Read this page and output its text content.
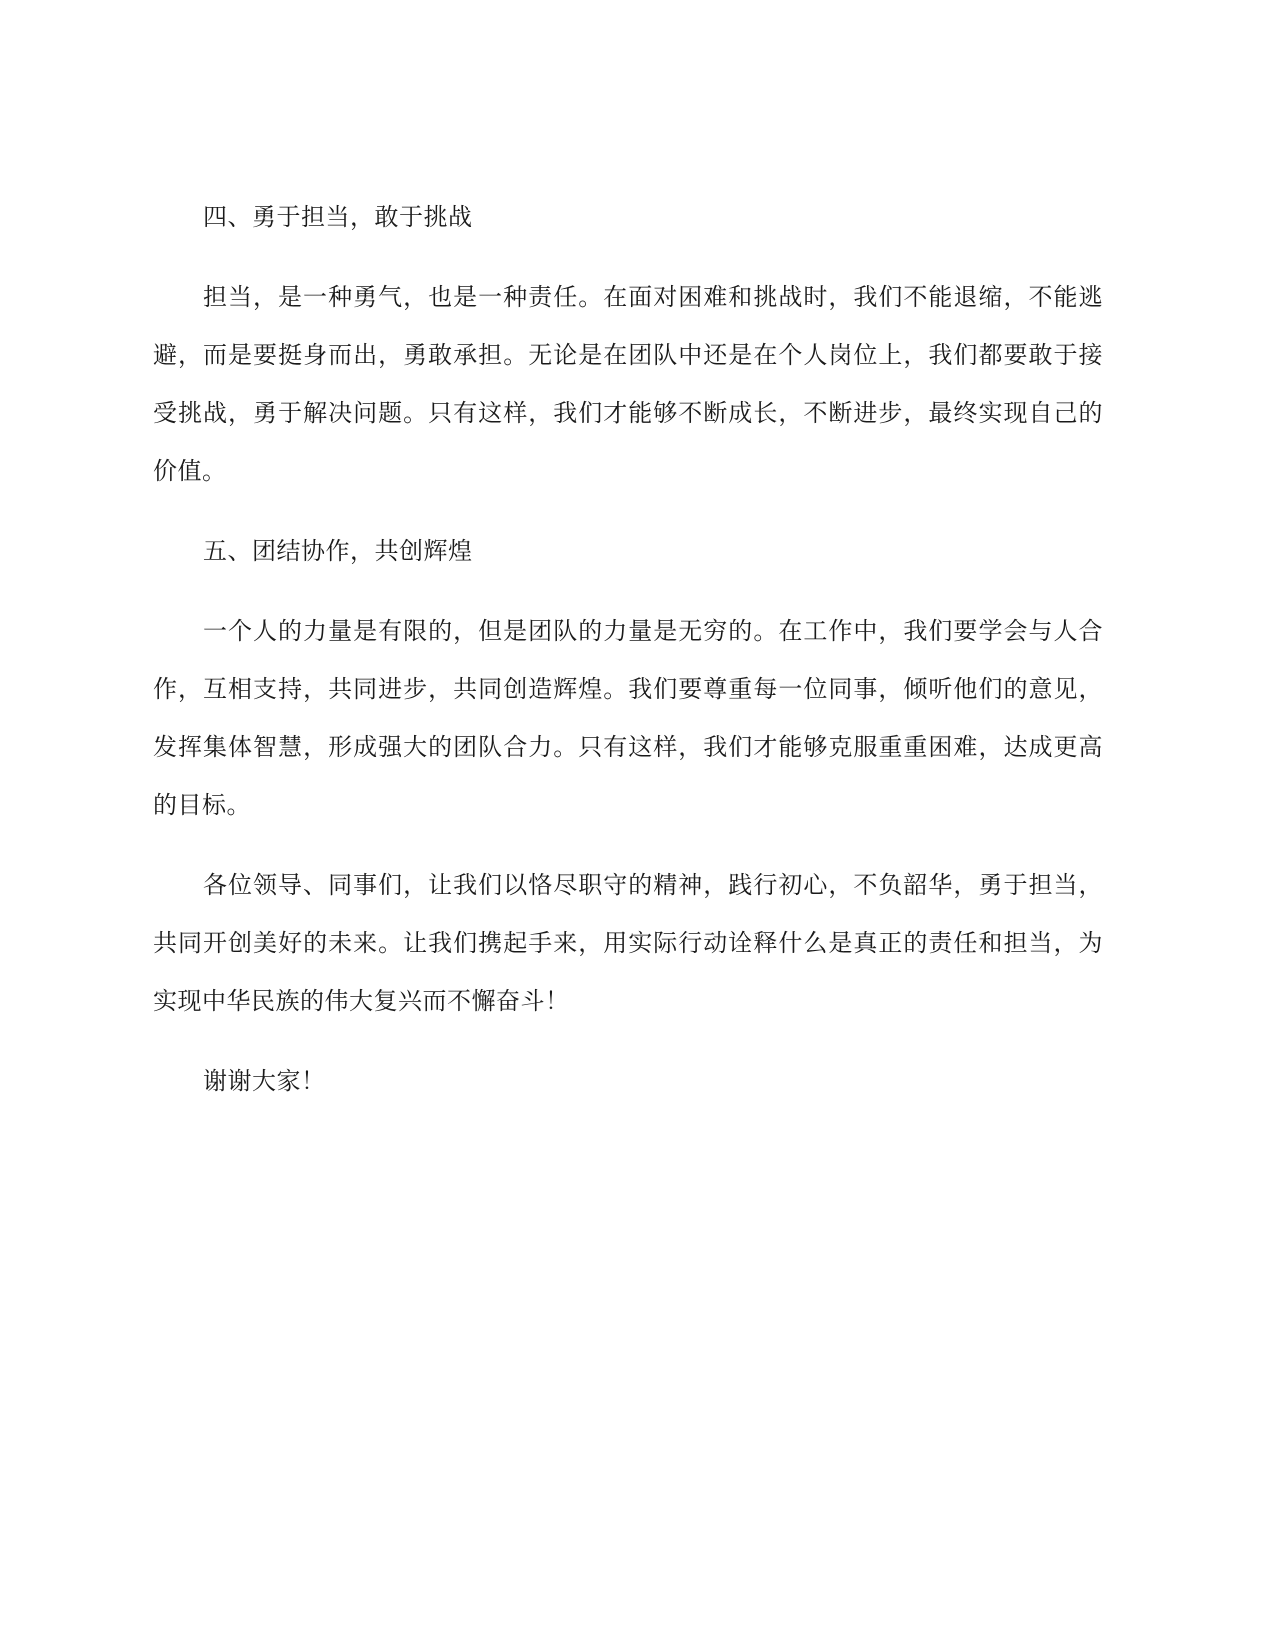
四、勇于担当，敢于挑战

担当，是一种勇气，也是一种责任。在面对困难和挑战时，我们不能退缩，不能逃避，而是要挺身而出，勇敢承担。无论是在团队中还是在个人岗位上，我们都要敢于接受挑战，勇于解决问题。只有这样，我们才能够不断成长，不断进步，最终实现自己的价值。

五、团结协作，共创辉煌

一个人的力量是有限的，但是团队的力量是无穷的。在工作中，我们要学会与人合作，互相支持，共同进步，共同创造辉煌。我们要尊重每一位同事，倾听他们的意见，发挥集体智慧，形成强大的团队合力。只有这样，我们才能够克服重重困难，达成更高的目标。

各位领导、同事们，让我们以恪尽职守的精神，践行初心，不负韶华，勇于担当，共同开创美好的未来。让我们携起手来，用实际行动诠释什么是真正的责任和担当，为实现中华民族的伟大复兴而不懈奋斗！

谢谢大家！
